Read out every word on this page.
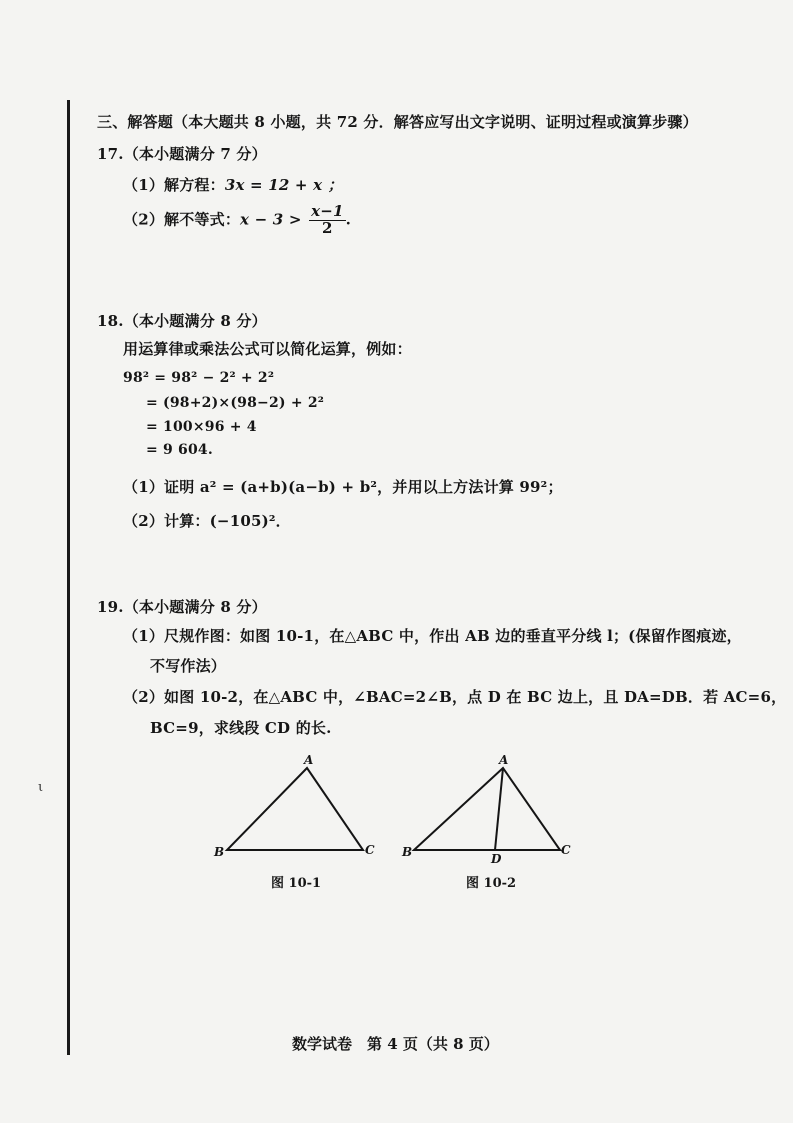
ι
三、解答题（本大题共 8 小题，共 72 分．解答应写出文字说明、证明过程或演算步骤）
17.（本小题满分 7 分）
（1）解方程：3x = 12 + x ；
（2）解不等式：$x - 3 > \frac{x-1}{2}$ .
18.（本小题满分 8 分）
用运算律或乘法公式可以简化运算，例如：
98² = 98² − 2² + 2²
= (98+2)×(98−2) + 2²
= 100×96 + 4
= 9 604.
（1）证明 a² = (a+b)(a−b) + b²，并用以上方法计算 99²；
（2）计算：(−105)²．
19.（本小题满分 8 分）
（1）尺规作图：如图 10-1，在△ABC 中，作出 AB 边的垂直平分线 l；(保留作图痕迹，
不写作法）
（2）如图 10-2，在△ABC 中，∠BAC=2∠B，点 D 在 BC 边上，且 DA=DB．若 AC=6，
BC=9，求线段 CD 的长.
A
B	C
图 10-1
A
B	C
D
图 10-2
数学试卷　第 4 页（共 8 页）
